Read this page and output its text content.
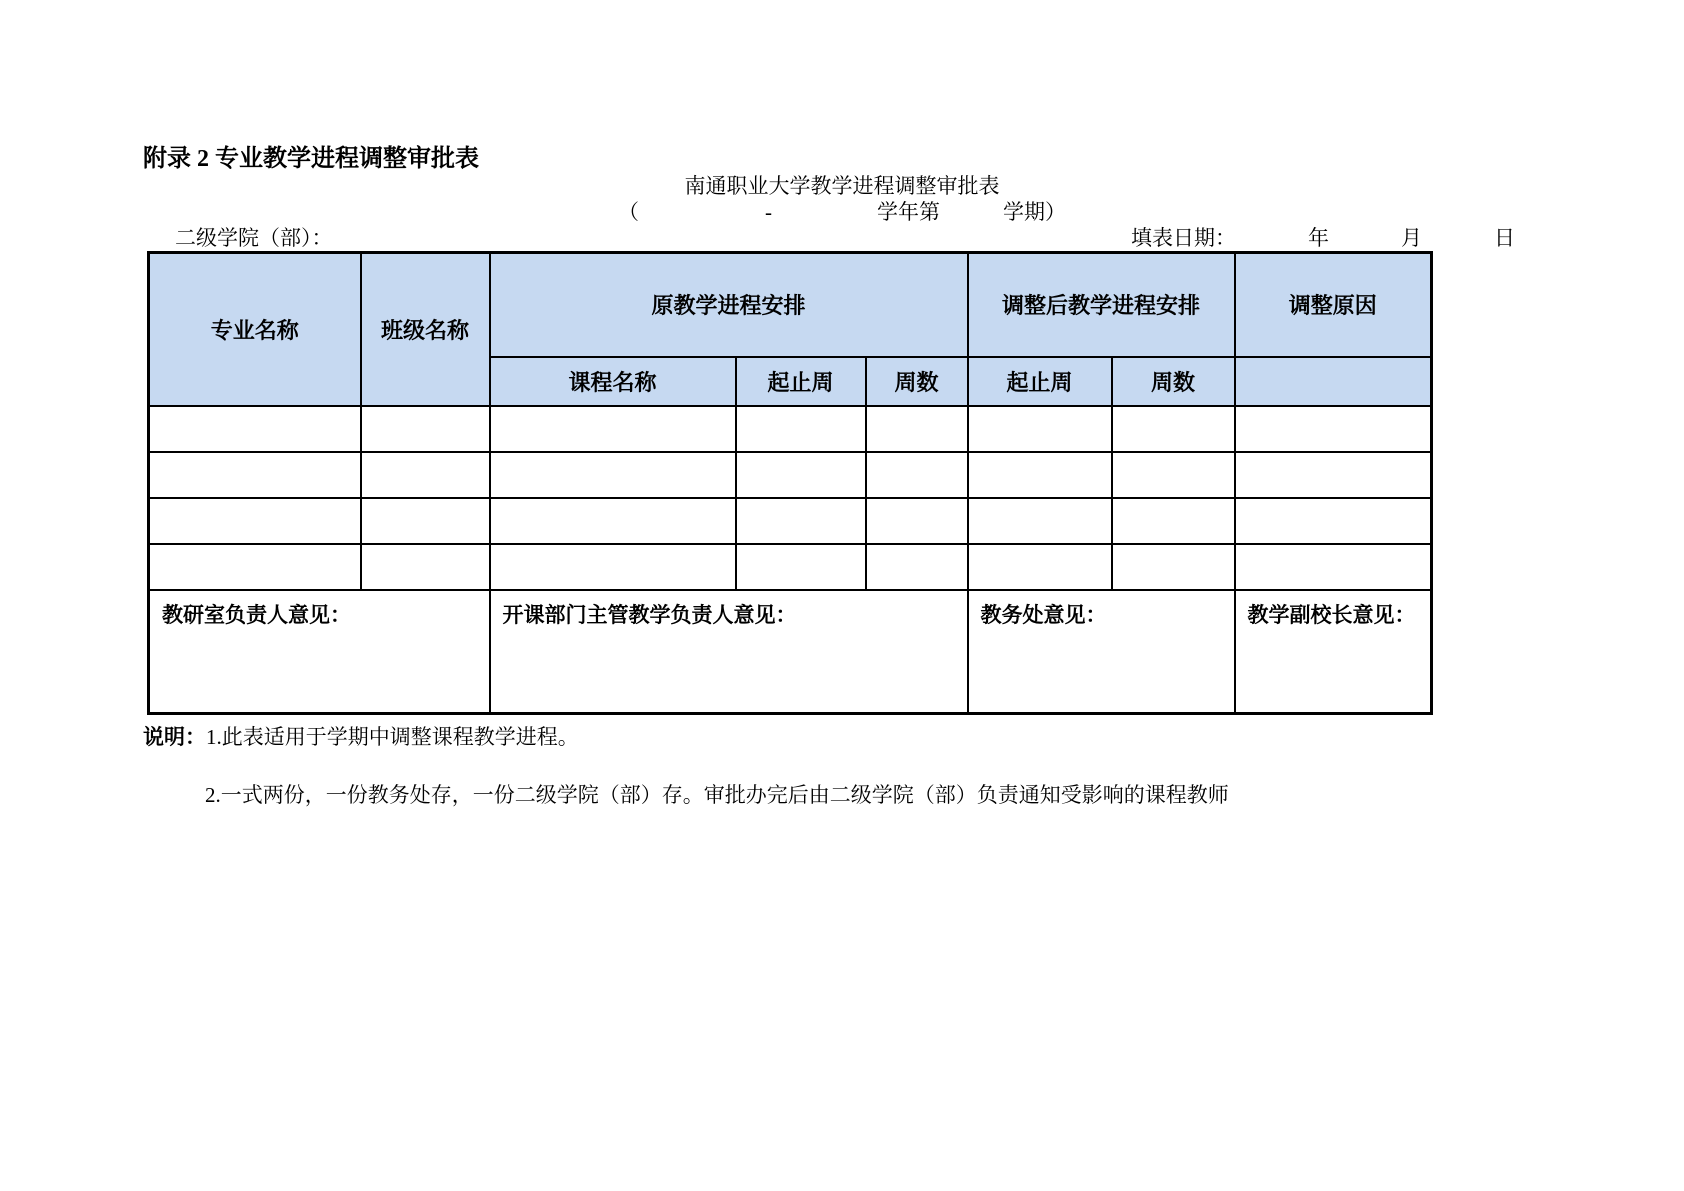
附录 2 专业教学进程调整审批表
南通职业大学教学进程调整审批表
（　　　　　　-　　　　　学年第　　　学期）
二级学院（部）：	填表日期：	年	月	日
专业名称	班级名称	原教学进程安排			调整后教学进程安排		调整原因
		课程名称	起止周	周数	起止周	周数	

教研室负责人意见：		开课部门主管教学负责人意见：			教务处意见：		教学副校长意见：
说明：1.此表适用于学期中调整课程教学进程。
2.一式两份，一份教务处存，一份二级学院（部）存。审批办完后由二级学院（部）负责通知受影响的课程教师
